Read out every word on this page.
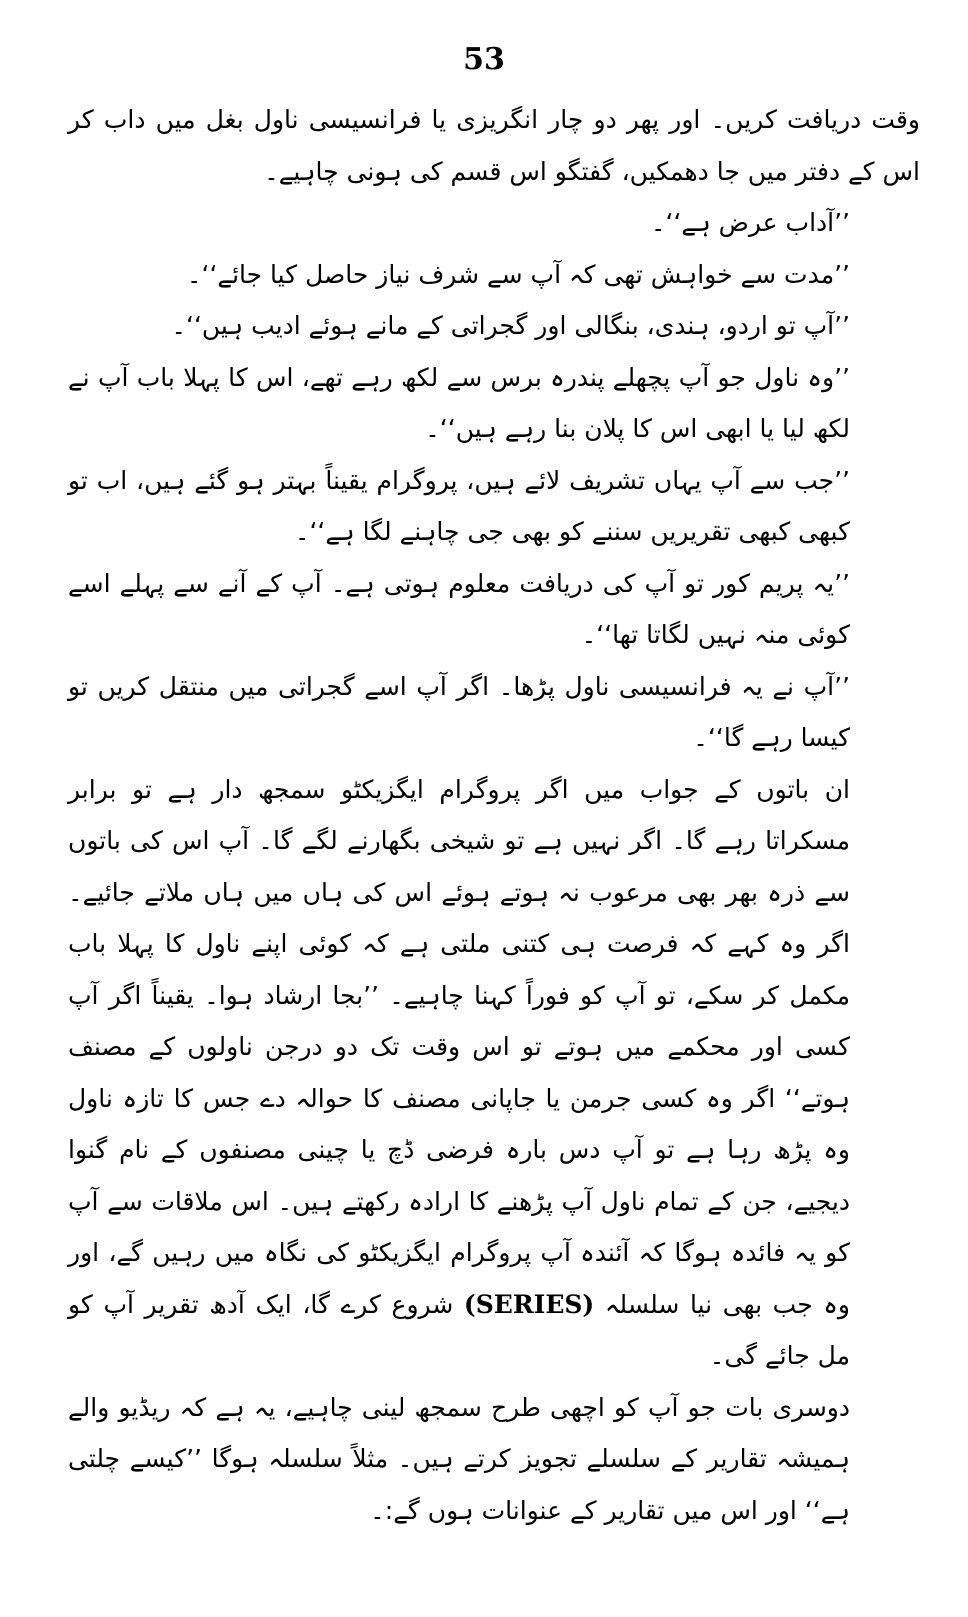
53

وقت دریافت کریں۔ اور پھر دو چار انگریزی یا فرانسیسی ناول بغل میں داب کر اس کے دفتر میں جا دھمکیں، گفتگو اس قسم کی ہونی چاہیے۔

’’آداب عرض ہے‘‘۔

’’مدت سے خواہش تھی کہ آپ سے شرف نیاز حاصل کیا جائے‘‘۔

’’آپ تو اردو، ہندی، بنگالی اور گجراتی کے مانے ہوئے ادیب ہیں‘‘۔

’’وہ ناول جو آپ پچھلے پندرہ برس سے لکھ رہے تھے، اس کا پہلا باب آپ نے لکھ لیا یا ابھی اس کا پلان بنا رہے ہیں‘‘۔

’’جب سے آپ یہاں تشریف لائے ہیں، پروگرام یقیناً بہتر ہو گئے ہیں، اب تو کبھی کبھی تقریریں سننے کو بھی جی چاہنے لگا ہے‘‘۔

’’یہ پریم کور تو آپ کی دریافت معلوم ہوتی ہے۔ آپ کے آنے سے پہلے اسے کوئی منہ نہیں لگاتا تھا‘‘۔

’’آپ نے یہ فرانسیسی ناول پڑھا۔ اگر آپ اسے گجراتی میں منتقل کریں تو کیسا رہے گا‘‘۔

ان باتوں کے جواب میں اگر پروگرام ایگزیکٹو سمجھ دار ہے تو برابر مسکراتا رہے گا۔ اگر نہیں ہے تو شیخی بگھارنے لگے گا۔ آپ اس کی باتوں سے ذرہ بھر بھی مرعوب نہ ہوتے ہوئے اس کی ہاں میں ہاں ملاتے جائیے۔ اگر وہ کہے کہ فرصت ہی کتنی ملتی ہے کہ کوئی اپنے ناول کا پہلا باب مکمل کر سکے، تو آپ کو فوراً کہنا چاہیے۔ ’’بجا ارشاد ہوا۔ یقیناً اگر آپ کسی اور محکمے میں ہوتے تو اس وقت تک دو درجن ناولوں کے مصنف ہوتے‘‘ اگر وہ کسی جرمن یا جاپانی مصنف کا حوالہ دے جس کا تازہ ناول وہ پڑھ رہا ہے تو آپ دس بارہ فرضی ڈچ یا چینی مصنفوں کے نام گنوا دیجیے، جن کے تمام ناول آپ پڑھنے کا ارادہ رکھتے ہیں۔ اس ملاقات سے آپ کو یہ فائدہ ہوگا کہ آئندہ آپ پروگرام ایگزیکٹو کی نگاہ میں رہیں گے، اور وہ جب بھی نیا سلسلہ (SERIES) شروع کرے گا، ایک آدھ تقریر آپ کو مل جائے گی۔

دوسری بات جو آپ کو اچھی طرح سمجھ لینی چاہیے، یہ ہے کہ ریڈیو والے ہمیشہ تقاریر کے سلسلے تجویز کرتے ہیں۔ مثلاً سلسلہ ہوگا ’’کیسے چلتی ہے‘‘ اور اس میں تقاریر کے عنوانات ہوں گے:۔
